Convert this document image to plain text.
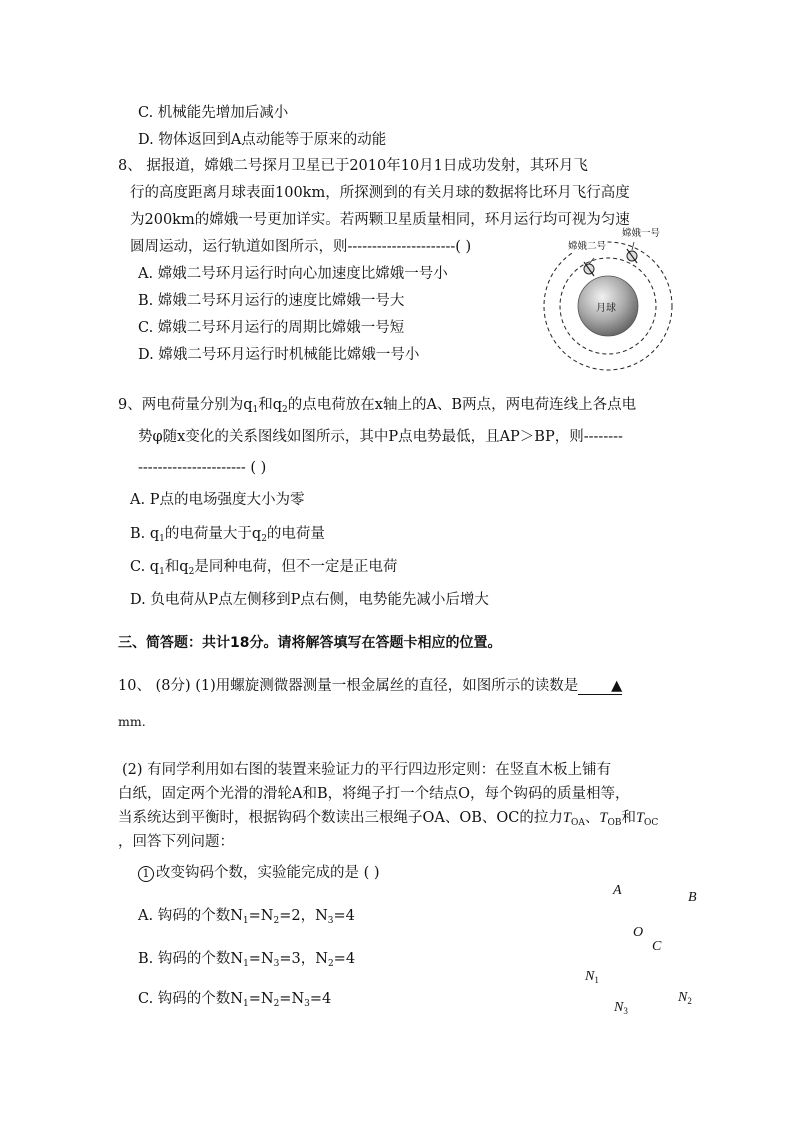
C. 机械能先增加后减小
D. 物体返回到A点动能等于原来的动能
8、 据报道，嫦娥二号探月卫星已于2010年10月1日成功发射，其环月飞
行的高度距离月球表面100km，所探测到的有关月球的数据将比环月飞行高度
为200km的嫦娥一号更加详实。若两颗卫星质量相同，环月运行均可视为匀速
圆周运动，运行轨道如图所示，则----------------------( )
A. 嫦娥二号环月运行时向心加速度比嫦娥一号小
B. 嫦娥二号环月运行的速度比嫦娥一号大
C. 嫦娥二号环月运行的周期比嫦娥一号短
D. 嫦娥二号环月运行时机械能比嫦娥一号小
月球
嫦娥二号
嫦娥一号
9、两电荷量分别为$q_1$和$q_2$的点电荷放在x轴上的A、B两点，两电荷连线上各点电
势φ随x变化的关系图线如图所示，其中P点电势最低，且AP＞BP，则--------
---------------------- ( )
A. P点的电场强度大小为零
B. $q_1$的电荷量大于$q_2$的电荷量
C. $q_1$和$q_2$是同种电荷，但不一定是正电荷
D. 负电荷从P点左侧移到P点右侧，电势能先减小后增大
三、简答题：共计18分。请将解答填写在答题卡相应的位置。
10、 (8分) (1)用螺旋测微器测量一根金属丝的直径，如图所示的读数是 ▲
mm.
(2) 有同学利用如右图的装置来验证力的平行四边形定则：在竖直木板上铺有
白纸，固定两个光滑的滑轮A和B，将绳子打一个结点O，每个钩码的质量相等，
当系统达到平衡时，根据钩码个数读出三根绳子OA、OB、OC的拉力$T_{OA}$、$T_{OB}$和$T_{OC}$
，回答下列问题：
1 改变钩码个数，实验能完成的是 ( )
A. 钩码的个数$N_1=N_2=2$，$N_3=4$
B. 钩码的个数$N_1=N_3=3$，$N_2=4$
C. 钩码的个数$N_1=N_2=N_3=4$
A	B
O
C
$N_1$
$N_2$
$N_3$
